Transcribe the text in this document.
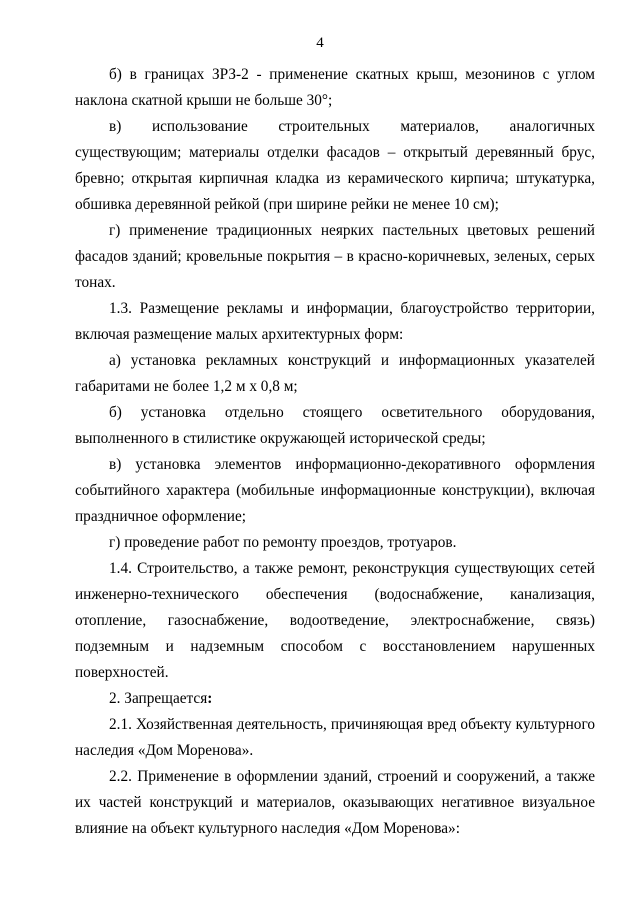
4

б) в границах ЗРЗ-2 - применение скатных крыш, мезонинов с углом наклона скатной крыши не больше 30°;

в) использование строительных материалов, аналогичных существующим; материалы отделки фасадов – открытый деревянный брус, бревно; открытая кирпичная кладка из керамического кирпича; штукатурка, обшивка деревянной рейкой (при ширине рейки не менее 10 см);

г) применение традиционных неярких пастельных цветовых решений фасадов зданий; кровельные покрытия – в красно-коричневых, зеленых, серых тонах.

1.3. Размещение рекламы и информации, благоустройство территории, включая размещение малых архитектурных форм:

а) установка рекламных конструкций и информационных указателей габаритами не более 1,2 м х 0,8 м;

б) установка отдельно стоящего осветительного оборудования, выполненного в стилистике окружающей исторической среды;

в) установка элементов информационно-декоративного оформления событийного характера (мобильные информационные конструкции), включая праздничное оформление;

г) проведение работ по ремонту проездов, тротуаров.

1.4. Строительство, а также ремонт, реконструкция существующих сетей инженерно-технического обеспечения (водоснабжение, канализация, отопление, газоснабжение, водоотведение, электроснабжение, связь) подземным и надземным способом с восстановлением нарушенных поверхностей.

2. Запрещается:

2.1. Хозяйственная деятельность, причиняющая вред объекту культурного наследия «Дом Моренова».

2.2. Применение в оформлении зданий, строений и сооружений, а также их частей конструкций и материалов, оказывающих негативное визуальное влияние на объект культурного наследия «Дом Моренова»:
